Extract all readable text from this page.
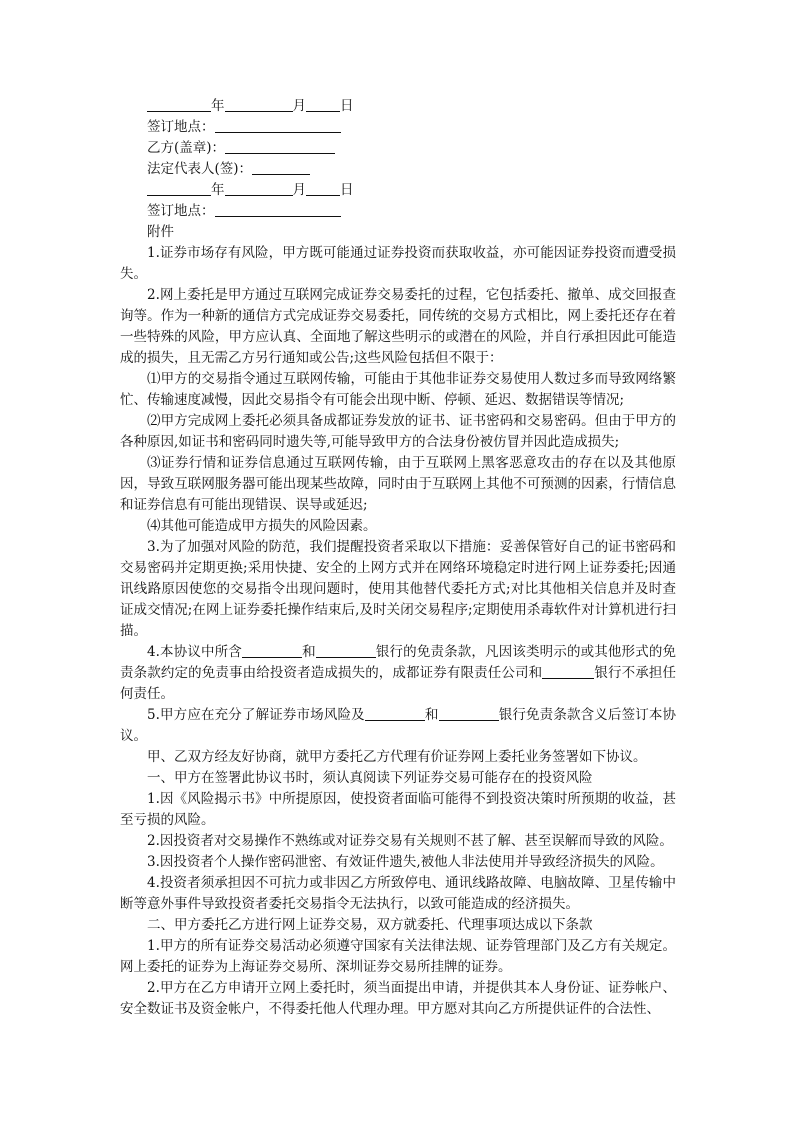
年	月	日

签订地点：

乙方(盖章)：

法定代表人(签)：

年	月	日

签订地点：

附件

1.证券市场存有风险，甲方既可能通过证券投资而获取收益，亦可能因证券投资而遭受损失。

2.网上委托是甲方通过互联网完成证券交易委托的过程，它包括委托、撤单、成交回报查询等。作为一种新的通信方式完成证券交易委托，同传统的交易方式相比，网上委托还存在着一些特殊的风险，甲方应认真、全面地了解这些明示的或潜在的风险，并自行承担因此可能造成的损失，且无需乙方另行通知或公告;这些风险包括但不限于：

⑴甲方的交易指令通过互联网传输，可能由于其他非证券交易使用人数过多而导致网络繁忙、传输速度减慢，因此交易指令有可能会出现中断、停顿、延迟、数据错误等情况;

⑵甲方完成网上委托必须具备成都证券发放的证书、证书密码和交易密码。但由于甲方的各种原因,如证书和密码同时遗失等,可能导致甲方的合法身份被仿冒并因此造成损失;

⑶证券行情和证券信息通过互联网传输，由于互联网上黑客恶意攻击的存在以及其他原因，导致互联网服务器可能出现某些故障，同时由于互联网上其他不可预测的因素，行情信息和证券信息有可能出现错误、误导或延迟;

⑷其他可能造成甲方损失的风险因素。

3.为了加强对风险的防范，我们提醒投资者采取以下措施：妥善保管好自己的证书密码和交易密码并定期更换;采用快捷、安全的上网方式并在网络环境稳定时进行网上证券委托;因通讯线路原因使您的交易指令出现问题时，使用其他替代委托方式;对比其他相关信息并及时查证成交情况;在网上证券委托操作结束后,及时关闭交易程序;定期使用杀毒软件对计算机进行扫描。

4.本协议中所含	和	银行的免责条款，凡因该类明示的或其他形式的免责条款约定的免责事由给投资者造成损失的，成都证券有限责任公司和	银行不承担任何责任。

5.甲方应在充分了解证券市场风险及	和	银行免责条款含义后签订本协议。

甲、乙双方经友好协商，就甲方委托乙方代理有价证券网上委托业务签署如下协议。

一、甲方在签署此协议书时，须认真阅读下列证券交易可能存在的投资风险

1.因《风险揭示书》中所提原因，使投资者面临可能得不到投资决策时所预期的收益，甚至亏损的风险。

2.因投资者对交易操作不熟练或对证券交易有关规则不甚了解、甚至误解而导致的风险。

3.因投资者个人操作密码泄密、有效证件遗失,被他人非法使用并导致经济损失的风险。

4.投资者须承担因不可抗力或非因乙方所致停电、通讯线路故障、电脑故障、卫星传输中断等意外事件导致投资者委托交易指令无法执行，以致可能造成的经济损失。

二、甲方委托乙方进行网上证券交易，双方就委托、代理事项达成以下条款

1.甲方的所有证券交易活动必须遵守国家有关法律法规、证券管理部门及乙方有关规定。网上委托的证券为上海证券交易所、深圳证券交易所挂牌的证券。

2.甲方在乙方申请开立网上委托时，须当面提出申请，并提供其本人身份证、证券帐户、安全数证书及资金帐户，不得委托他人代理办理。甲方愿对其向乙方所提供证件的合法性、
